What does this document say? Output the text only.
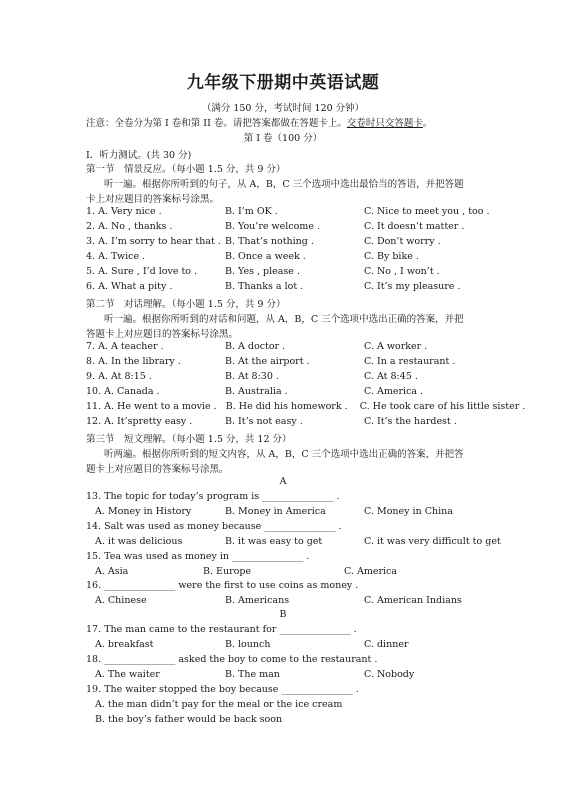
九年级下册期中英语试题
（满分 150 分，考试时间 120 分钟）
注意：全卷分为第 I 卷和第 II 卷。请把答案都做在答题卡上。交卷时只交答题卡。
第 I 卷（100 分）
I．听力测试。(共 30 分)
第一节　情景反应。（每小题 1.5 分，共 9 分）
听一遍。根据你所听到的句子，从 A，B，C 三个选项中选出最恰当的答语，并把答题
卡上对应题目的答案标号涂黑。
1. A. Very nice .	B. I’m OK .	C. Nice to meet you , too .
2. A. No , thanks .	B. You’re welcome .	C. It doesn’t matter .
3. A. I’m sorry to hear that . B. That’s nothing .	C. Don’t worry .
4. A. Twice .	B. Once a week .	C. By bike .
5. A. Sure , I’d love to .	B. Yes , please .	C. No , I won’t .
6. A. What a pity .	B. Thanks a lot .	C. It’s my pleasure .
第二节　对话理解。（每小题 1.5 分，共 9 分）
听一遍。根据你所听到的对话和问题，从 A，B，C 三个选项中选出正确的答案，并把
答题卡上对应题目的答案标号涂黑。
7. A. A teacher .	B. A doctor .	C. A worker .
8. A. In the library .	B. At the airport .	C. In a restaurant .
9. A. At 8:15 .	B. At 8:30 .	C. At 8:45 .
10. A. Canada .	B. Australia .	C. America .
11. A. He went to a movie .   B. He did his homework .    C. He took care of his little sister .
12. A. It’spretty easy .	B. It’s not easy .	C. It’s the hardest .
第三节　短文理解。（每小题 1.5 分，共 12 分）
听两遍。根据你所听到的短文内容，从 A，B，C 三个选项中选出正确的答案，并把答
题卡上对应题目的答案标号涂黑。
A
13. The topic for today’s program is _______________ .
A. Money in History	B. Money in America	C. Money in China
14. Salt was used as money because _______________ .
A. it was delicious	B. it was easy to get	C. it was very difficult to get
15. Tea was used as money in _______________ .
A. Asia	B. Europe	C. America
16. _______________ were the first to use coins as money .
A. Chinese	B. Americans	C. American Indians
B
17. The man came to the restaurant for _______________ .
A. breakfast	B. lounch	C. dinner
18. _______________ asked the boy to come to the restaurant .
A. The waiter	B. The man	C. Nobody
19. The waiter stopped the boy because _______________ .
A. the man didn’t pay for the meal or the ice cream
B. the boy’s father would be back soon
